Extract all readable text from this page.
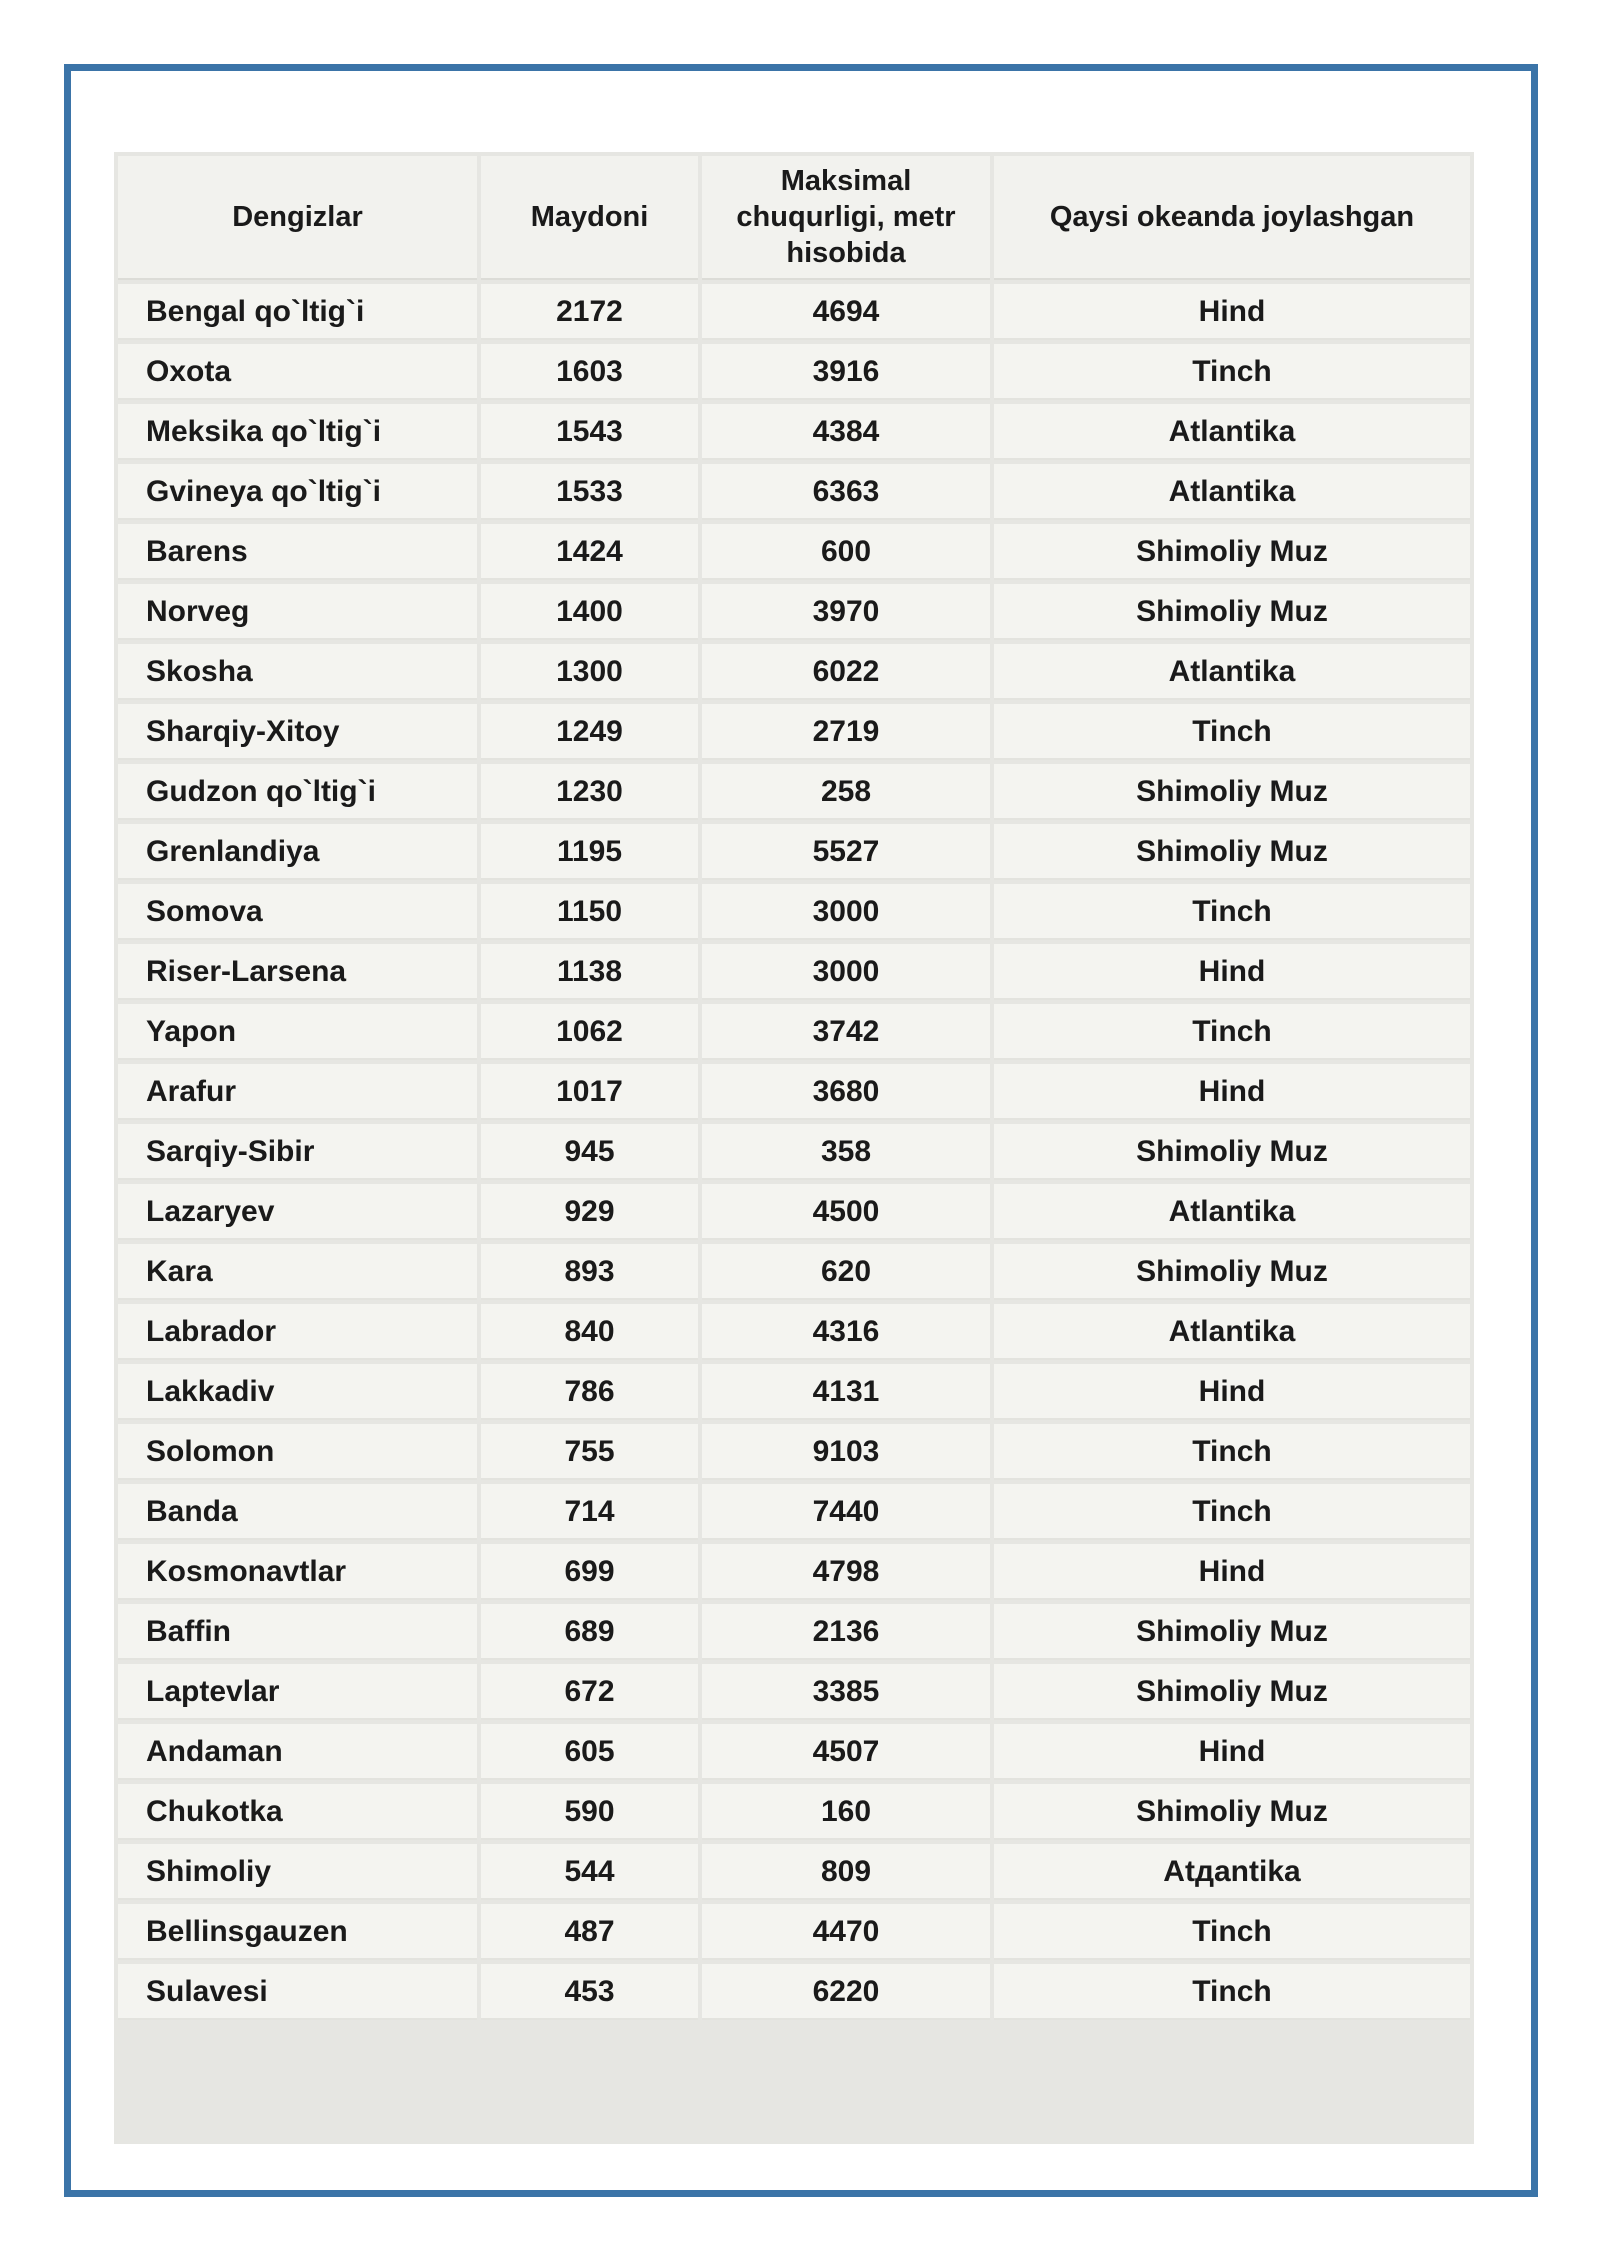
Dengizlar	Maydoni	Maksimal chuqurligi, metr hisobida	Qaysi okeanda joylashgan
Bengal qo`ltig`i	2172	4694	Hind
Oxota	1603	3916	Tinch
Meksika qo`ltig`i	1543	4384	Atlantika
Gvineya qo`ltig`i	1533	6363	Atlantika
Barens	1424	600	Shimoliy Muz
Norveg	1400	3970	Shimoliy Muz
Skosha	1300	6022	Atlantika
Sharqiy-Xitoy	1249	2719	Tinch
Gudzon qo`ltig`i	1230	258	Shimoliy Muz
Grenlandiya	1195	5527	Shimoliy Muz
Somova	1150	3000	Tinch
Riser-Larsena	1138	3000	Hind
Yapon	1062	3742	Tinch
Arafur	1017	3680	Hind
Sarqiy-Sibir	945	358	Shimoliy Muz
Lazaryev	929	4500	Atlantika
Kara	893	620	Shimoliy Muz
Labrador	840	4316	Atlantika
Lakkadiv	786	4131	Hind
Solomon	755	9103	Tinch
Banda	714	7440	Tinch
Kosmonavtlar	699	4798	Hind
Baffin	689	2136	Shimoliy Muz
Laptevlar	672	3385	Shimoliy Muz
Andaman	605	4507	Hind
Chukotka	590	160	Shimoliy Muz
Shimoliy	544	809	Atдantika
Bellinsgauzen	487	4470	Tinch
Sulavesi	453	6220	Tinch
